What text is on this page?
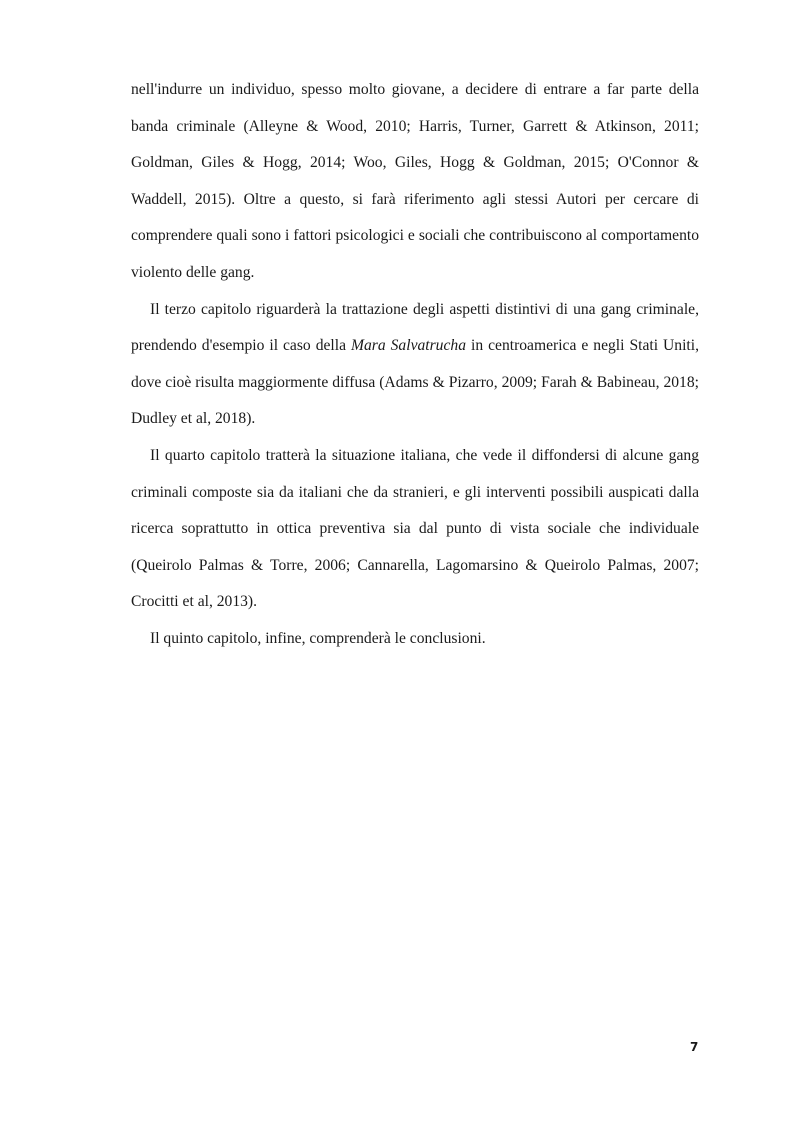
nell'indurre un individuo, spesso molto giovane, a decidere di entrare a far parte della banda criminale (Alleyne & Wood, 2010; Harris, Turner, Garrett & Atkinson, 2011; Goldman, Giles & Hogg, 2014; Woo, Giles, Hogg & Goldman, 2015; O'Connor & Waddell, 2015). Oltre a questo, si farà riferimento agli stessi Autori per cercare di comprendere quali sono i fattori psicologici e sociali che contribuiscono al comportamento violento delle gang.

Il terzo capitolo riguarderà la trattazione degli aspetti distintivi di una gang criminale, prendendo d'esempio il caso della Mara Salvatrucha in centroamerica e negli Stati Uniti, dove cioè risulta maggiormente diffusa (Adams & Pizarro, 2009; Farah & Babineau, 2018; Dudley et al, 2018).

Il quarto capitolo tratterà la situazione italiana, che vede il diffondersi di alcune gang criminali composte sia da italiani che da stranieri, e gli interventi possibili auspicati dalla ricerca soprattutto in ottica preventiva sia dal punto di vista sociale che individuale (Queirolo Palmas & Torre, 2006; Cannarella, Lagomarsino & Queirolo Palmas, 2007; Crocitti et al, 2013).

Il quinto capitolo, infine, comprenderà le conclusioni.

7
